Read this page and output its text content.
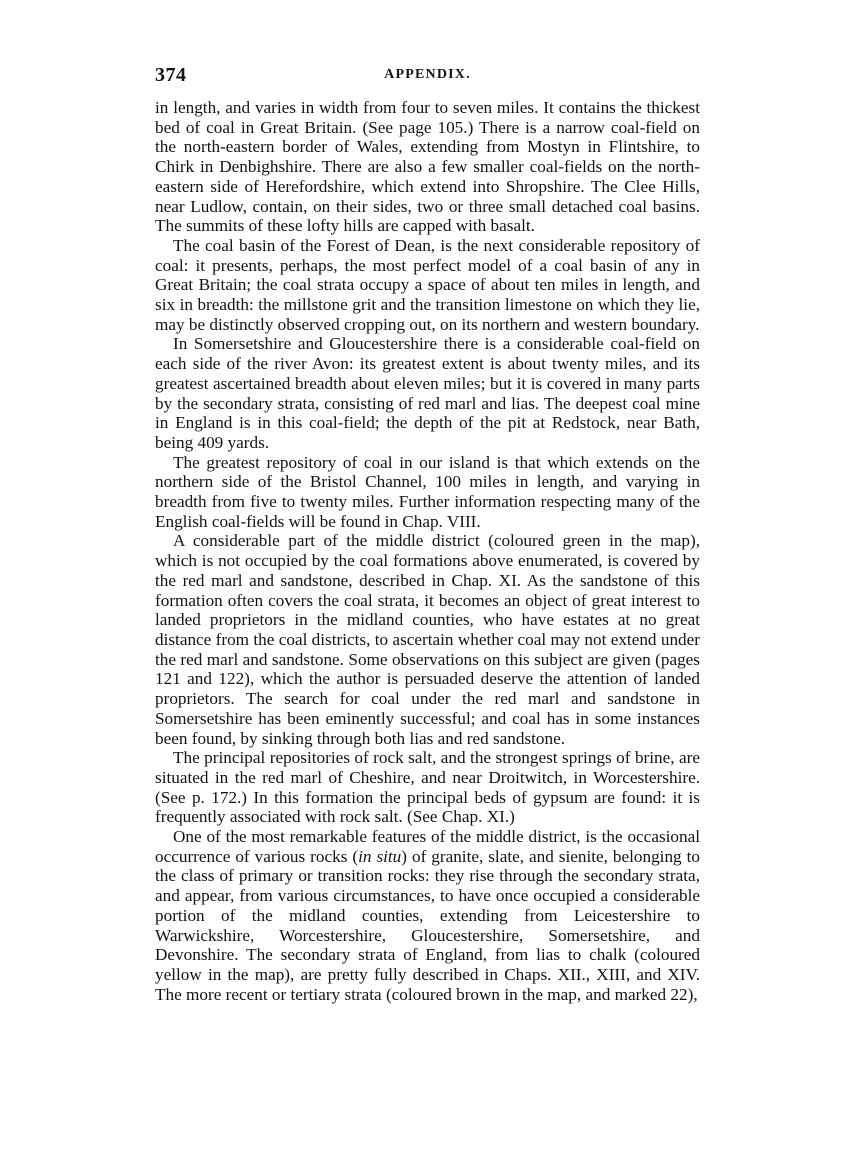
374	APPENDIX.

in length, and varies in width from four to seven miles. It contains the thickest bed of coal in Great Britain. (See page 105.) There is a narrow coal-field on the north-eastern border of Wales, extending from Mostyn in Flintshire, to Chirk in Denbighshire. There are also a few smaller coal-fields on the north-eastern side of Herefordshire, which extend into Shropshire. The Clee Hills, near Ludlow, contain, on their sides, two or three small detached coal basins. The summits of these lofty hills are capped with basalt.

The coal basin of the Forest of Dean, is the next considerable repository of coal: it presents, perhaps, the most perfect model of a coal basin of any in Great Britain; the coal strata occupy a space of about ten miles in length, and six in breadth: the millstone grit and the transition limestone on which they lie, may be distinctly observed cropping out, on its northern and western boundary.

In Somersetshire and Gloucestershire there is a considerable coal-field on each side of the river Avon: its greatest extent is about twenty miles, and its greatest ascertained breadth about eleven miles; but it is covered in many parts by the secondary strata, consisting of red marl and lias. The deepest coal mine in England is in this coal-field; the depth of the pit at Redstock, near Bath, being 409 yards.

The greatest repository of coal in our island is that which extends on the northern side of the Bristol Channel, 100 miles in length, and varying in breadth from five to twenty miles. Further information respecting many of the English coal-fields will be found in Chap. VIII.

A considerable part of the middle district (coloured green in the map), which is not occupied by the coal formations above enumerated, is covered by the red marl and sandstone, described in Chap. XI. As the sandstone of this formation often covers the coal strata, it becomes an object of great interest to landed proprietors in the midland counties, who have estates at no great distance from the coal districts, to ascertain whether coal may not extend under the red marl and sandstone. Some observations on this subject are given (pages 121 and 122), which the author is persuaded deserve the attention of landed proprietors. The search for coal under the red marl and sandstone in Somersetshire has been eminently successful; and coal has in some instances been found, by sinking through both lias and red sandstone.

The principal repositories of rock salt, and the strongest springs of brine, are situated in the red marl of Cheshire, and near Droitwitch, in Worcestershire. (See p. 172.) In this formation the principal beds of gypsum are found: it is frequently associated with rock salt. (See Chap. XI.)

One of the most remarkable features of the middle district, is the occasional occurrence of various rocks (in situ) of granite, slate, and sienite, belonging to the class of primary or transition rocks: they rise through the secondary strata, and appear, from various circumstances, to have once occupied a considerable portion of the midland counties, extending from Leicestershire to Warwickshire, Worcestershire, Gloucestershire, Somersetshire, and Devonshire. The secondary strata of England, from lias to chalk (coloured yellow in the map), are pretty fully described in Chaps. XII., XIII, and XIV. The more recent or tertiary strata (coloured brown in the map, and marked 22),
